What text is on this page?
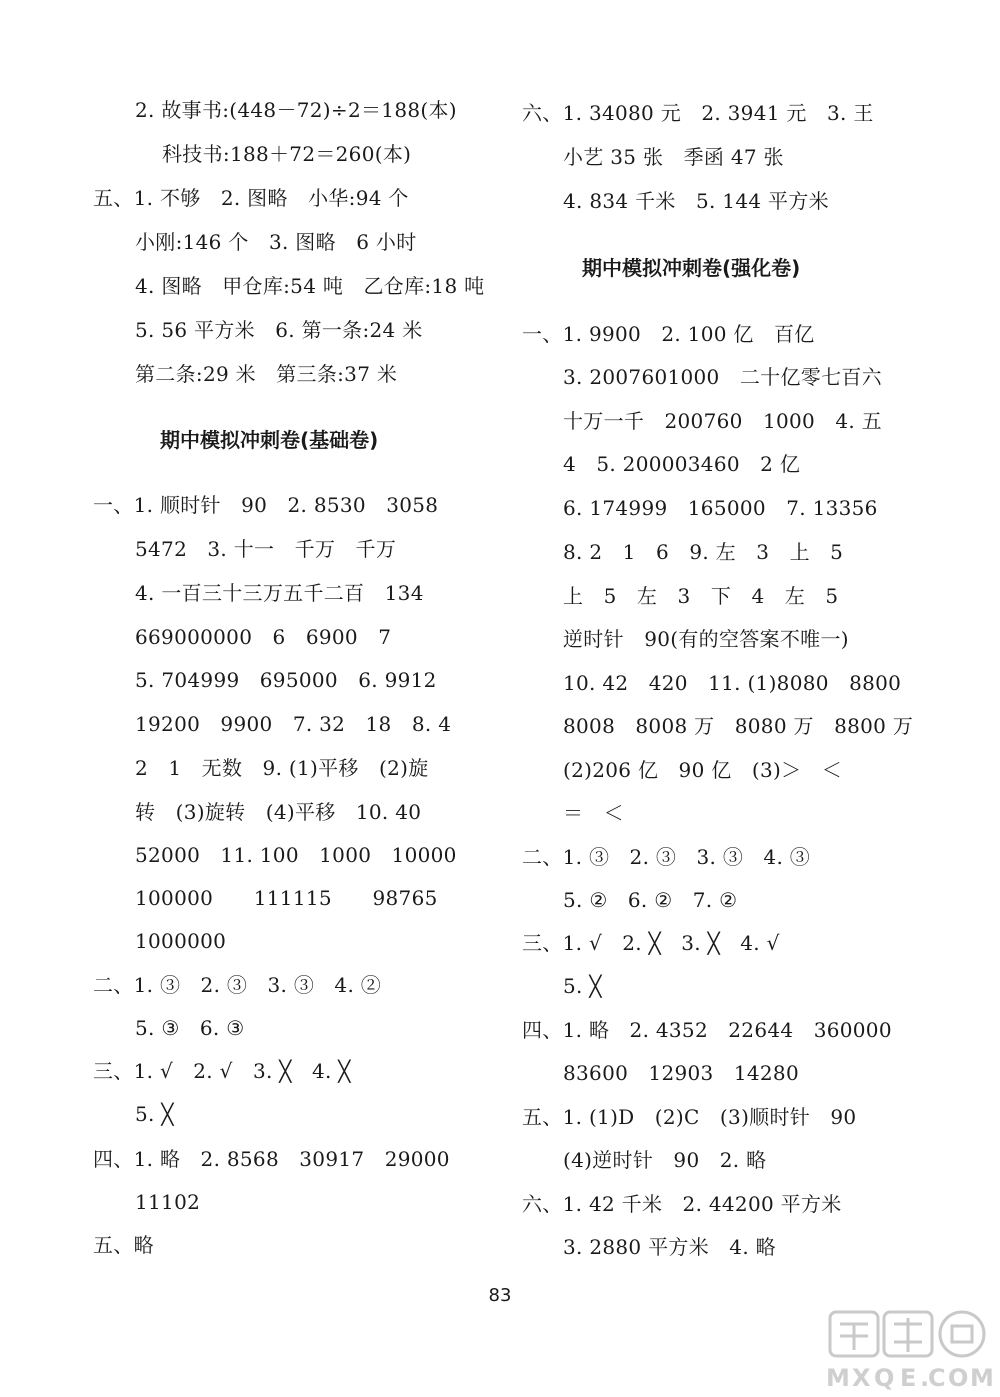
2. 故事书:(448－72)÷2＝188(本)
科技书:188＋72＝260(本)
五、1. 不够　2. 图略　小华:94 个
小刚:146 个　3. 图略　6 小时
4. 图略　甲仓库:54 吨　乙仓库:18 吨
5. 56 平方米　6. 第一条:24 米
第二条:29 米　第三条:37 米
期中模拟冲刺卷(基础卷)
一、1. 顺时针　90　2. 8530　3058
5472　3. 十一　千万　千万
4. 一百三十三万五千二百　134
669000000　6　6900　7
5. 704999　695000　6. 9912
19200　9900　7. 32　18　8. 4
2　1　无数　9. (1)平移　(2)旋
转　(3)旋转　(4)平移　10. 40
52000　11. 100　1000　10000
100000　　111115　　98765
1000000
二、1. ③　2. ③　3. ③　4. ②
5. ③　6. ③
三、1. √　2. √　3. ╳　4. ╳
5. ╳
四、1. 略　2. 8568　30917　29000
11102
五、略
六、1. 34080 元　2. 3941 元　3. 王
小艺 35 张　季函 47 张
4. 834 千米　5. 144 平方米
期中模拟冲刺卷(强化卷)
一、1. 9900　2. 100 亿　百亿
3. 2007601000　二十亿零七百六
十万一千　200760　1000　4. 五
4　5. 200003460　2 亿
6. 174999　165000　7. 13356
8. 2　1　6　9. 左　3　上　5
上　5　左　3　下　4　左　5
逆时针　90(有的空答案不唯一)
10. 42　420　11. (1)8080　8800
8008　8008 万　8080 万　8800 万
(2)206 亿　90 亿　(3)＞　＜
＝　＜
二、1. ③　2. ③　3. ③　4. ③
5. ②　6. ②　7. ②
三、1. √　2. ╳　3. ╳　4. √
5. ╳
四、1. 略　2. 4352　22644　360000
83600　12903　14280
五、1. (1)D　(2)C　(3)顺时针　90
(4)逆时针　90　2. 略
六、1. 42 千米　2. 44200 平方米
3. 2880 平方米　4. 略
83
M X Q E .
C O M
